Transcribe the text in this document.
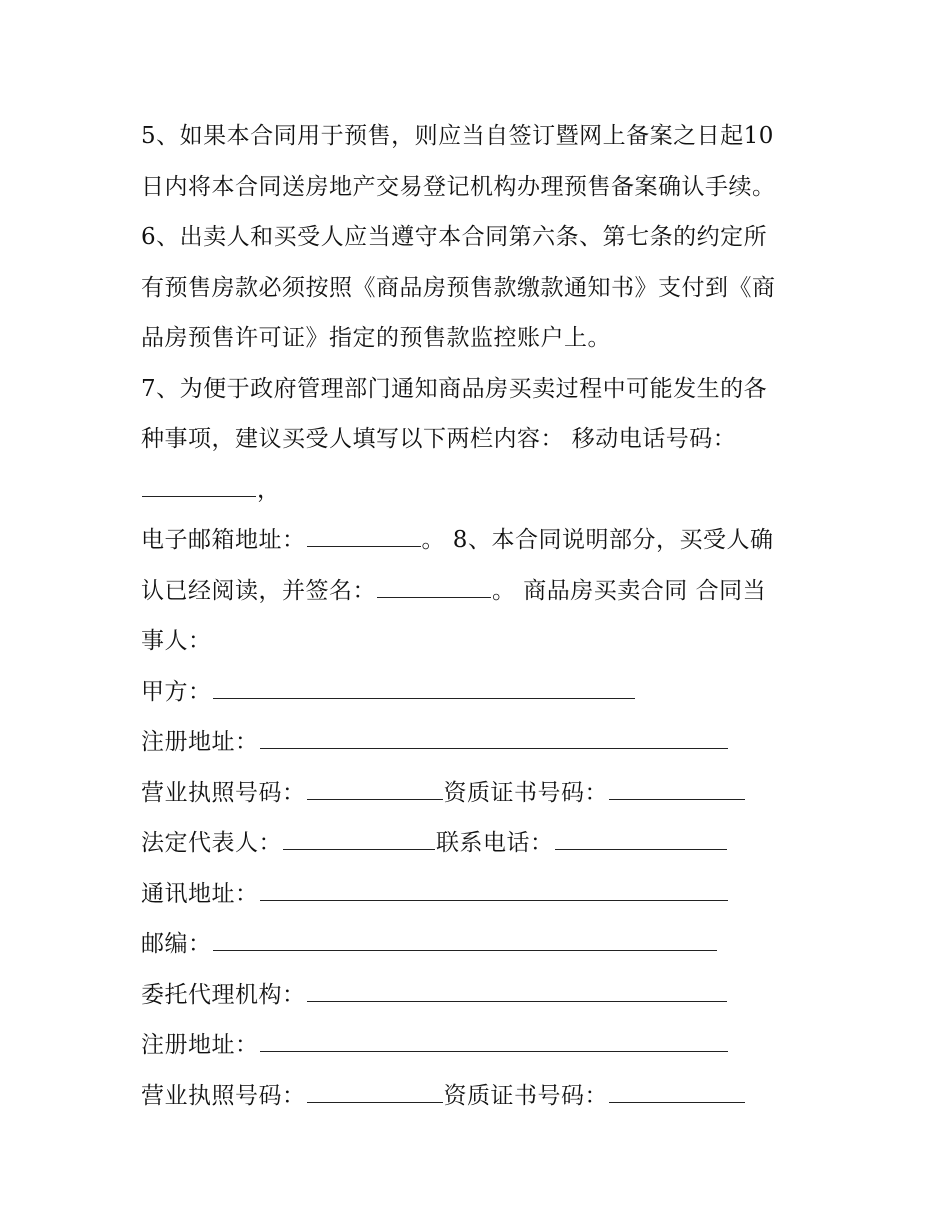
5、如果本合同用于预售，则应当自签订暨网上备案之日起10
日内将本合同送房地产交易登记机构办理预售备案确认手续。
6、出卖人和买受人应当遵守本合同第六条、第七条的约定所
有预售房款必须按照《商品房预售款缴款通知书》支付到《商
品房预售许可证》指定的预售款监控账户上。
7、为便于政府管理部门通知商品房买卖过程中可能发生的各
种事项，建议买受人填写以下两栏内容： 移动电话号码：
，
电子邮箱地址：	。 8、本合同说明部分，买受人确
认已经阅读，并签名：	。 商品房买卖合同 合同当
事人：
甲方：
注册地址：
营业执照号码：	资质证书号码：
法定代表人：	联系电话：
通讯地址：
邮编：
委托代理机构：
注册地址：
营业执照号码：	资质证书号码：
